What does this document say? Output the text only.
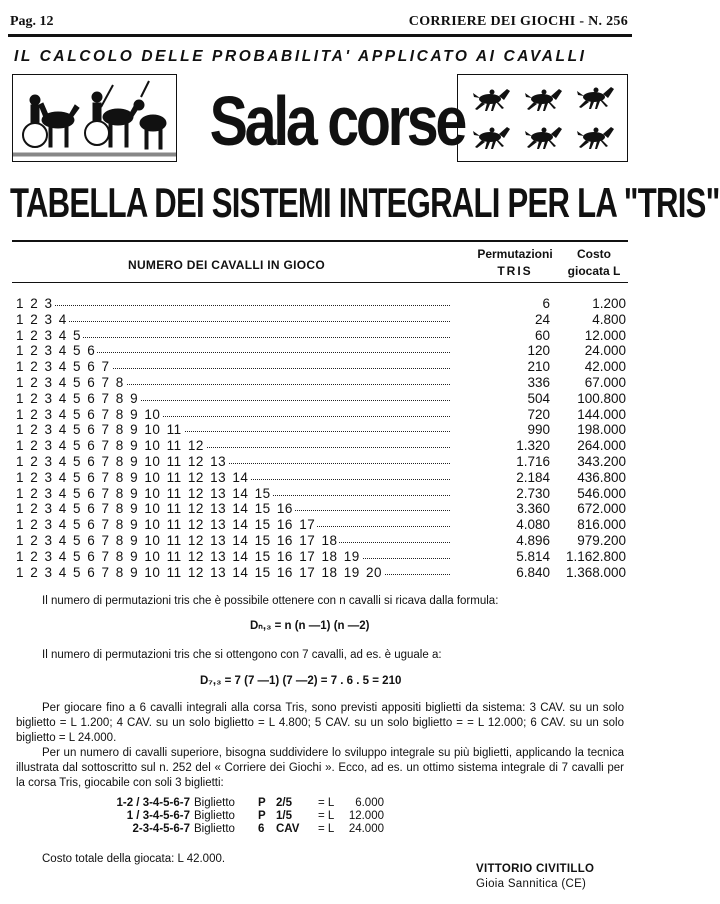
Pag. 12	CORRIERE DEI GIOCHI - N. 256
IL CALCOLO DELLE PROBABILITA' APPLICATO AI CAVALLI
Sala corse
TABELLA DEI SISTEMI INTEGRALI PER LA "TRIS"
NUMERO DEI CAVALLI IN GIOCO
Permutazioni
TRIS
Costo
giocata L
1 2 3	6	1.200
1 2 3 4	24	4.800
1 2 3 4 5	60	12.000
1 2 3 4 5 6	120	24.000
1 2 3 4 5 6 7	210	42.000
1 2 3 4 5 6 7 8	336	67.000
1 2 3 4 5 6 7 8 9	504	100.800
1 2 3 4 5 6 7 8 9 10	720	144.000
1 2 3 4 5 6 7 8 9 10 11	990	198.000
1 2 3 4 5 6 7 8 9 10 11 12	1.320	264.000
1 2 3 4 5 6 7 8 9 10 11 12 13	1.716	343.200
1 2 3 4 5 6 7 8 9 10 11 12 13 14	2.184	436.800
1 2 3 4 5 6 7 8 9 10 11 12 13 14 15	2.730	546.000
1 2 3 4 5 6 7 8 9 10 11 12 13 14 15 16	3.360	672.000
1 2 3 4 5 6 7 8 9 10 11 12 13 14 15 16 17	4.080	816.000
1 2 3 4 5 6 7 8 9 10 11 12 13 14 15 16 17 18	4.896	979.200
1 2 3 4 5 6 7 8 9 10 11 12 13 14 15 16 17 18 19	5.814	1.162.800
1 2 3 4 5 6 7 8 9 10 11 12 13 14 15 16 17 18 19 20	6.840	1.368.000
Il numero di permutazioni tris che è possibile ottenere con n cavalli si ricava dalla formula:
Dₙ,₃ = n (n —1) (n —2)
Il numero di permutazioni tris che si ottengono con 7 cavalli, ad es. è uguale a:
D₇,₃ = 7 (7 —1) (7 —2) = 7 . 6 . 5 = 210
Per giocare fino a 6 cavalli integrali alla corsa Tris, sono previsti appositi biglietti da sistema: 3 CAV. su un solo biglietto = L 1.200; 4 CAV. su un solo biglietto = L 4.800; 5 CAV. su un solo biglietto = = L 12.000; 6 CAV. su un solo biglietto = L 24.000.
Per un numero di cavalli superiore, bisogna suddividere lo sviluppo integrale su più biglietti, applicando la tecnica illustrata dal sottoscritto sul n. 252 del « Corriere dei Giochi ». Ecco, ad es. un ottimo sistema integrale di 7 cavalli per la corsa Tris, giocabile con soli 3 biglietti:
1-2 / 3-4-5-6-7 Biglietto P 2/5 = L 6.000
1 / 3-4-5-6-7 Biglietto P 1/5 = L 12.000
2-3-4-5-6-7 Biglietto 6 CAV = L 24.000
Costo totale della giocata: L 42.000.
VITTORIO CIVITILLO
Gioia Sannitica (CE)
